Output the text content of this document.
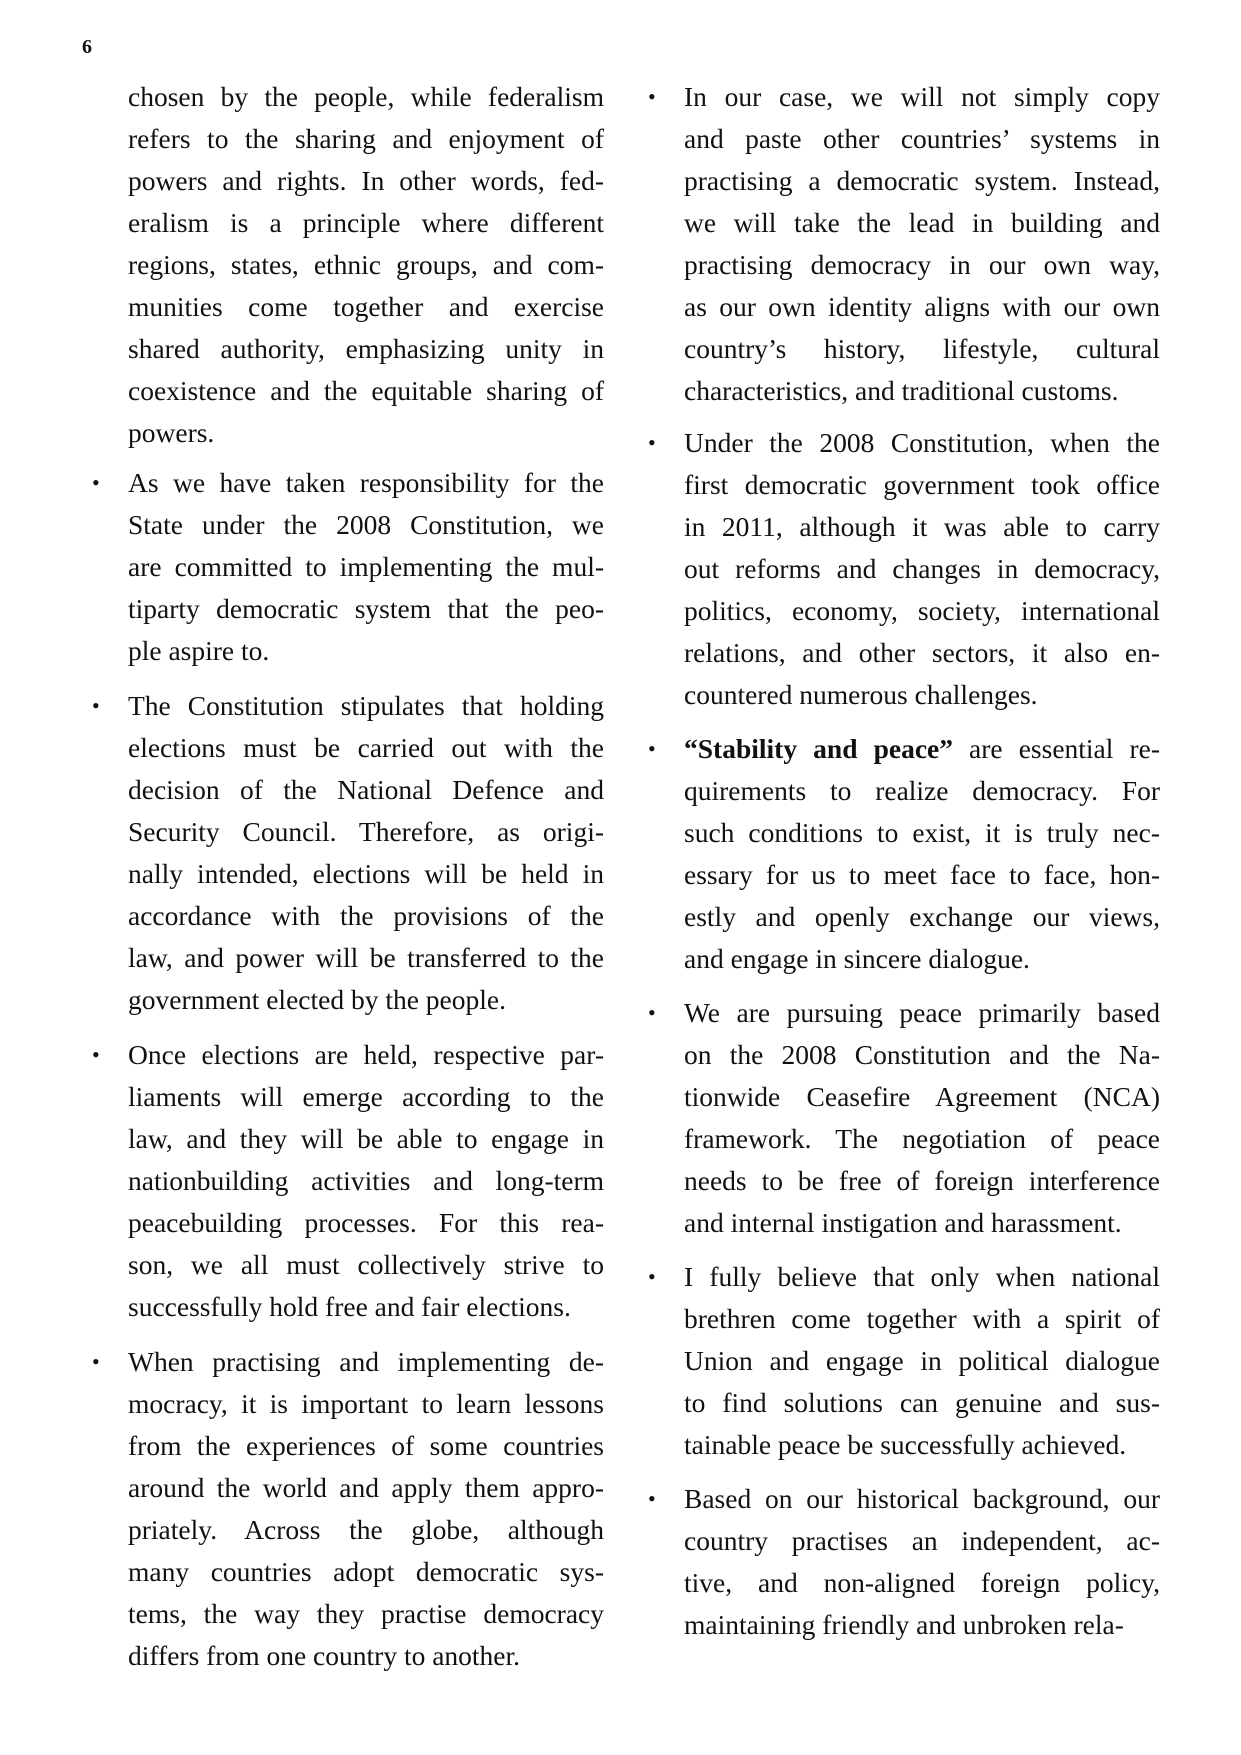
6
chosen by the people, while federalism
refers to the sharing and enjoyment of
powers and rights. In other words, fed-
eralism is a principle where different
regions, states, ethnic groups, and com-
munities come together and exercise
shared authority, emphasizing unity in
coexistence and the equitable sharing of
powers.
• As we have taken responsibility for the
State under the 2008 Constitution, we
are committed to implementing the mul-
tiparty democratic system that the peo-
ple aspire to.
• The Constitution stipulates that holding
elections must be carried out with the
decision of the National Defence and
Security Council. Therefore, as origi-
nally intended, elections will be held in
accordance with the provisions of the
law, and power will be transferred to the
government elected by the people.
• Once elections are held, respective par-
liaments will emerge according to the
law, and they will be able to engage in
nationbuilding activities and long-term
peacebuilding processes. For this rea-
son, we all must collectively strive to
successfully hold free and fair elections.
• When practising and implementing de-
mocracy, it is important to learn lessons
from the experiences of some countries
around the world and apply them appro-
priately. Across the globe, although
many countries adopt democratic sys-
tems, the way they practise democracy
differs from one country to another.
• In our case, we will not simply copy
and paste other countries’ systems in
practising a democratic system. Instead,
we will take the lead in building and
practising democracy in our own way,
as our own identity aligns with our own
country’s history, lifestyle, cultural
characteristics, and traditional customs.
• Under the 2008 Constitution, when the
first democratic government took office
in 2011, although it was able to carry
out reforms and changes in democracy,
politics, economy, society, international
relations, and other sectors, it also en-
countered numerous challenges.
• “Stability and peace” are essential re-
quirements to realize democracy. For
such conditions to exist, it is truly nec-
essary for us to meet face to face, hon-
estly and openly exchange our views,
and engage in sincere dialogue.
• We are pursuing peace primarily based
on the 2008 Constitution and the Na-
tionwide Ceasefire Agreement (NCA)
framework. The negotiation of peace
needs to be free of foreign interference
and internal instigation and harassment.
• I fully believe that only when national
brethren come together with a spirit of
Union and engage in political dialogue
to find solutions can genuine and sus-
tainable peace be successfully achieved.
• Based on our historical background, our
country practises an independent, ac-
tive, and non-aligned foreign policy,
maintaining friendly and unbroken rela-
